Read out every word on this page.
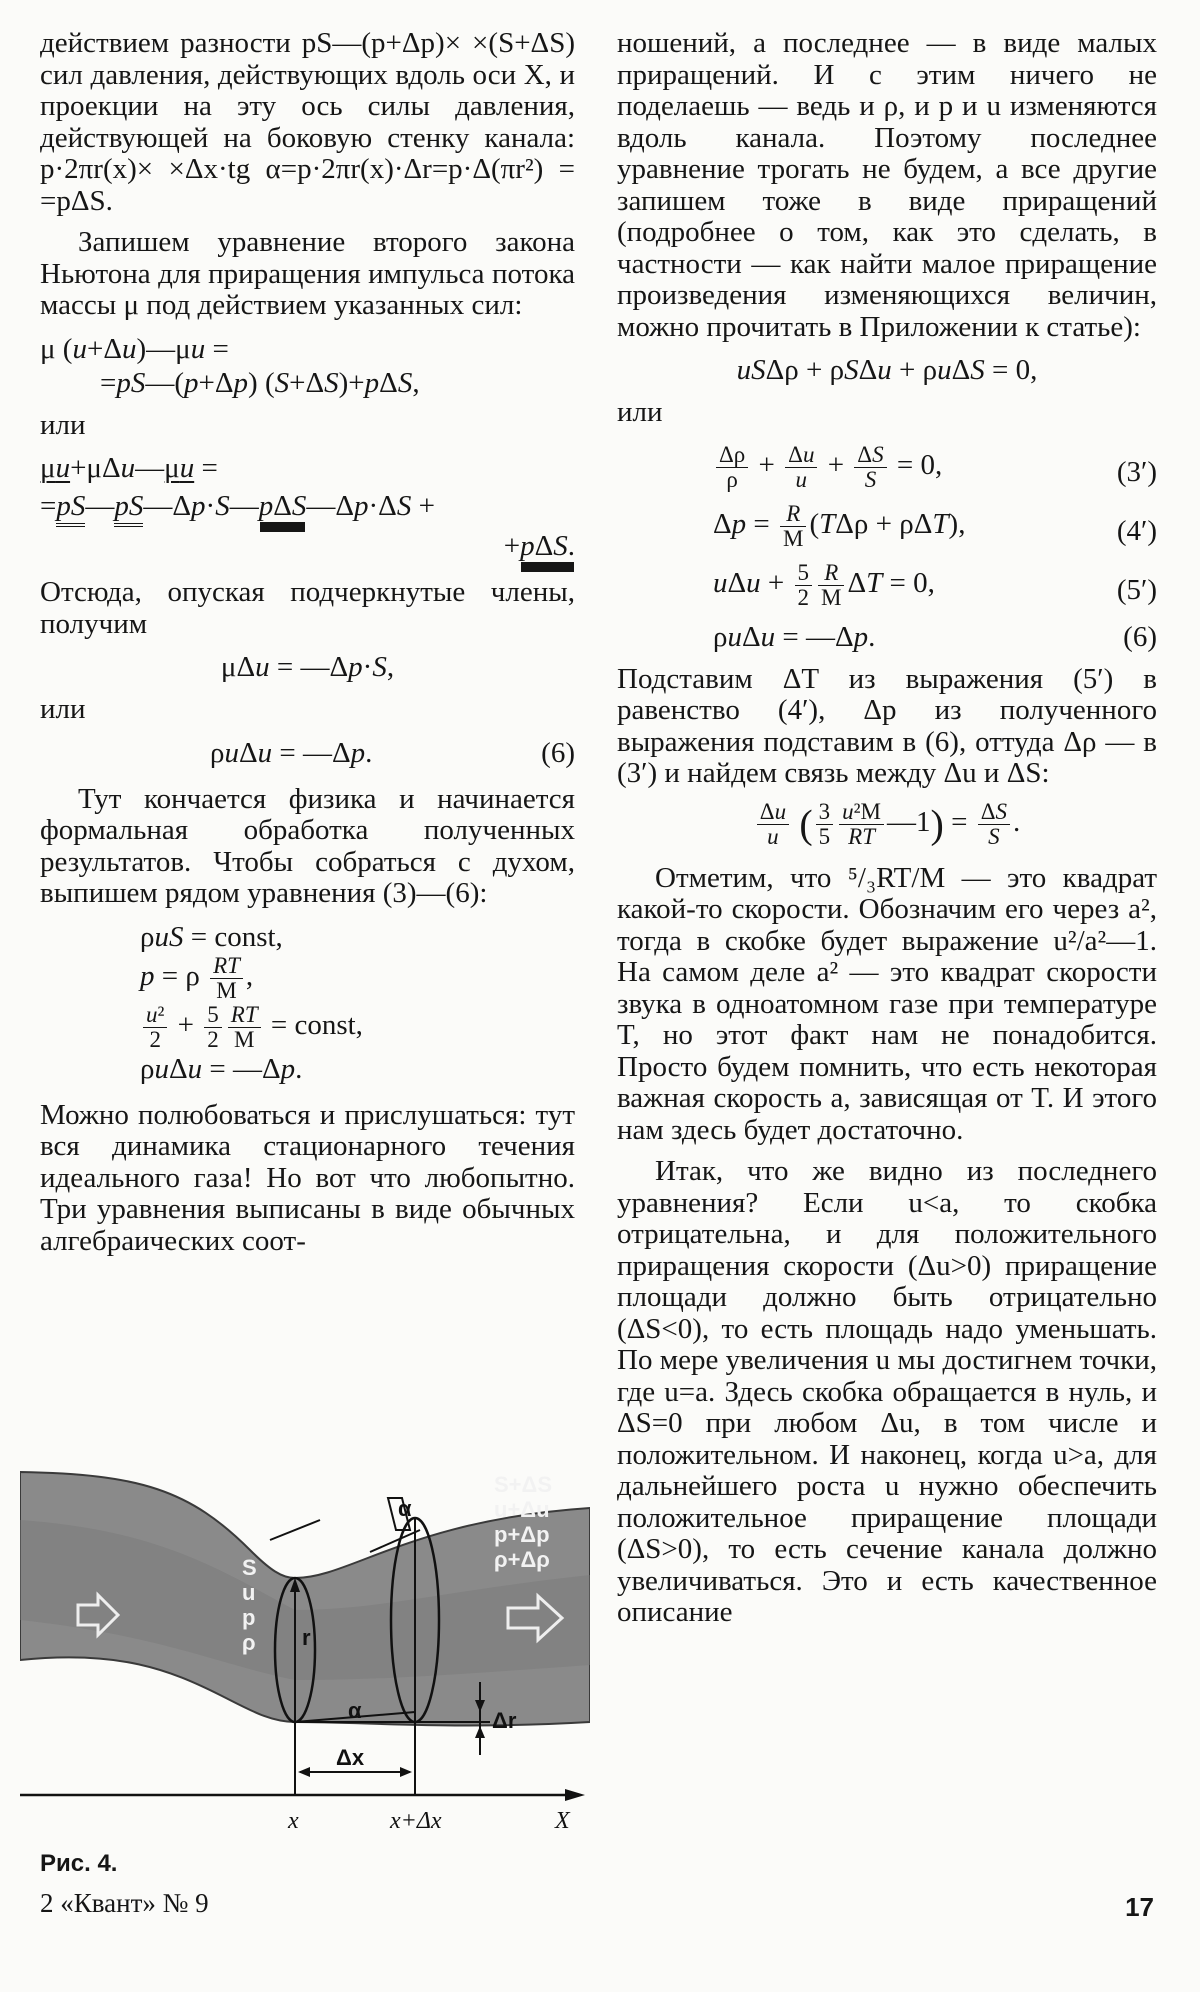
действием разности pS—(p+Δp)× ×(S+ΔS) сил давления, действующих вдоль оси X, и проекции на эту ось силы давления, действующей на боковую стенку канала: p·2πr(x)× ×Δx·tg α=p·2πr(x)·Δr=p·Δ(πr²) = =pΔS.
Запишем уравнение второго закона Ньютона для приращения импульса потока массы μ под действием указанных сил:
μ (u+Δu)—μu =
=pS—(p+Δp) (S+ΔS)+pΔS,
или
μu+μΔu—μu =
=pS—pS—Δp·S—pΔS—Δp·ΔS +
+pΔS.
Отсюда, опуская подчеркнутые члены, получим
μΔu = —Δp·S,
или
ρuΔu = —Δp.	(6)
Тут кончается физика и начинается формальная обработка полученных результатов. Чтобы собраться с духом, выпишем рядом уравнения (3)—(6):
ρuS = const,
p = ρ $\frac{RT}{M}$ ,
$\frac{\text{u²}}{2} + \frac{5}{2} \frac{RT}{M}$ = const,
ρuΔu = —Δp.
Можно полюбоваться и прислушаться: тут вся динамика стационарного течения идеального газа! Но вот что любопытно. Три уравнения выписаны в виде обычных алгебраических соот-
ношений, а последнее — в виде малых приращений. И с этим ничего не поделаешь — ведь и ρ, и p и u изменяются вдоль канала. Поэтому последнее уравнение трогать не будем, а все другие запишем тоже в виде приращений (подробнее о том, как это сделать, в частности — как найти малое приращение произведения изменяющихся величин, можно прочитать в Приложении к статье):
uSΔρ + ρSΔu + ρuΔS = 0,
или
$\frac{\Delta\rho}{\rho} + \frac{\Delta u}{u} + \frac{\Delta S}{S} = 0$,	(3′)
$\Delta p = \frac{R}{M} (T\Delta\rho + \rho\Delta T)$,	(4′)
$u\Delta u + \frac{5}{2} \frac{R}{M}$ ΔT = 0,	(5′)
ρuΔu = —Δp.	(6)
Подставим ΔT из выражения (5′) в равенство (4′), Δp из полученного выражения подставим в (6), оттуда Δρ — в (3′) и найдем связь между Δu и ΔS:
$\frac{\Delta u}{u}$ ( $\frac{3}{5} \frac{\text{u²M}}{RT}$ —1) = $\frac{\Delta S}{S}$ .
Отметим, что ⁵/₃RT/M — это квадрат какой-то скорости. Обозначим его через a², тогда в скобке будет выражение u²/a²—1. На самом деле a² — это квадрат скорости звука в одноатомном газе при температуре T, но этот факт нам не понадобится. Просто будем помнить, что есть некоторая важная скорость a, зависящая от T. И этого нам здесь будет достаточно.
Итак, что же видно из последнего уравнения? Если u<a, то скобка отрицательна, и для положительного приращения скорости (Δu>0) приращение площади должно быть отрицательно (ΔS<0), то есть площадь надо уменьшать. По мере увеличения u мы достигнем точки, где u=a. Здесь скобка обращается в нуль, и ΔS=0 при любом Δu, в том числе и положительном. И наконец, когда u>a, для дальнейшего роста u нужно обеспечить положительное приращение площади (ΔS>0), то есть сечение канала должно увеличиваться. Это и есть качественное описание
S
u
p
ρ
S+ΔS
u+Δu
p+Δp
ρ+Δρ
r
α
α
Δr
Δx
x	x+Δx	X
Рис. 4.
2 «Квант» № 9	17
